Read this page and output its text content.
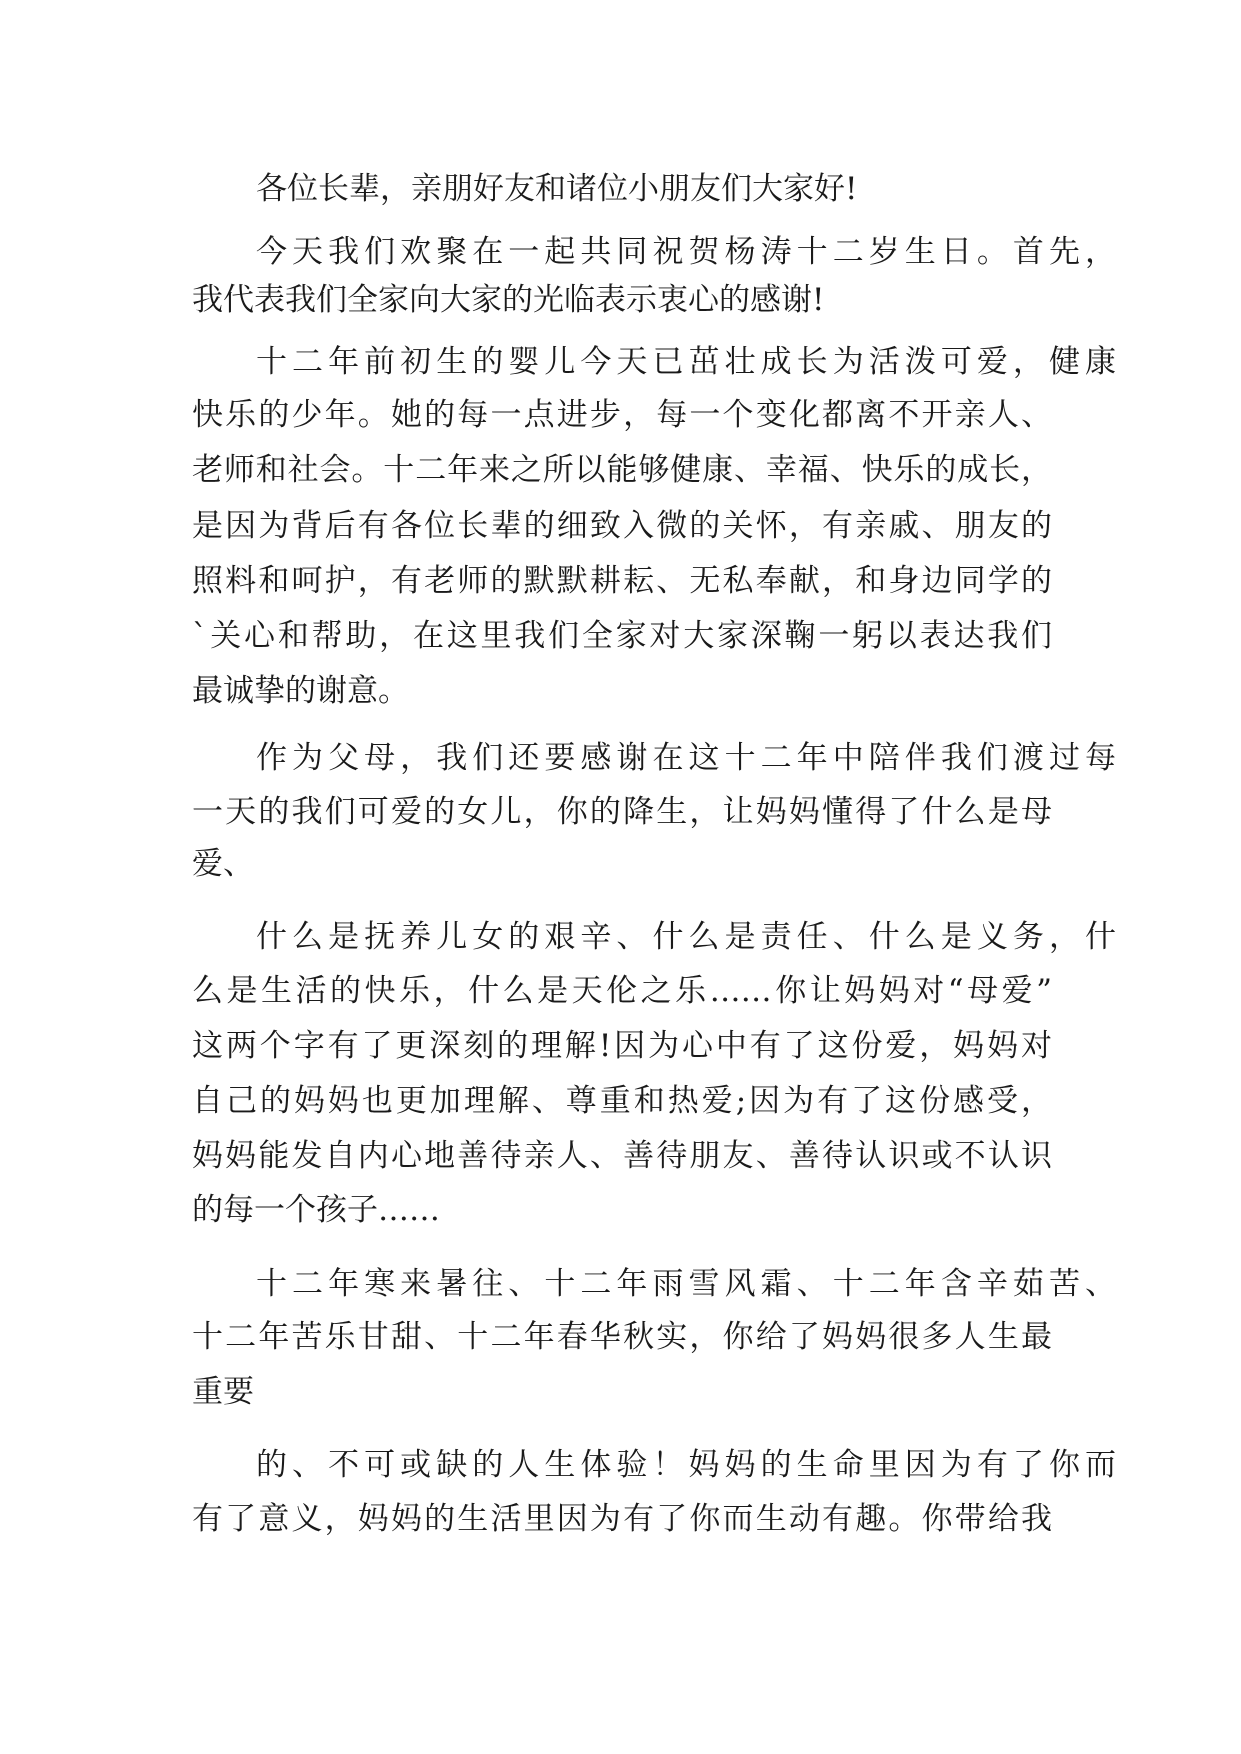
各位长辈，亲朋好友和诸位小朋友们大家好!

今天我们欢聚在一起共同祝贺杨涛十二岁生日。首先，

我代表我们全家向大家的光临表示衷心的感谢!

十二年前初生的婴儿今天已茁壮成长为活泼可爱，健康

快乐的少年。她的每一点进步，每一个变化都离不开亲人、

老师和社会。十二年来之所以能够健康、幸福、快乐的成长，

是因为背后有各位长辈的细致入微的关怀，有亲戚、朋友的

照料和呵护，有老师的默默耕耘、无私奉献，和身边同学的

`关心和帮助，在这里我们全家对大家深鞠一躬以表达我们

最诚挚的谢意。

作为父母，我们还要感谢在这十二年中陪伴我们渡过每

一天的我们可爱的女儿，你的降生，让妈妈懂得了什么是母

爱、

什么是抚养儿女的艰辛、什么是责任、什么是义务，什

么是生活的快乐，什么是天伦之乐……你让妈妈对“母爱”

这两个字有了更深刻的理解!因为心中有了这份爱，妈妈对

自己的妈妈也更加理解、尊重和热爱;因为有了这份感受，

妈妈能发自内心地善待亲人、善待朋友、善待认识或不认识

的每一个孩子……

十二年寒来暑往、十二年雨雪风霜、十二年含辛茹苦、

十二年苦乐甘甜、十二年春华秋实，你给了妈妈很多人生最

重要

的、不可或缺的人生体验！妈妈的生命里因为有了你而

有了意义，妈妈的生活里因为有了你而生动有趣。你带给我
